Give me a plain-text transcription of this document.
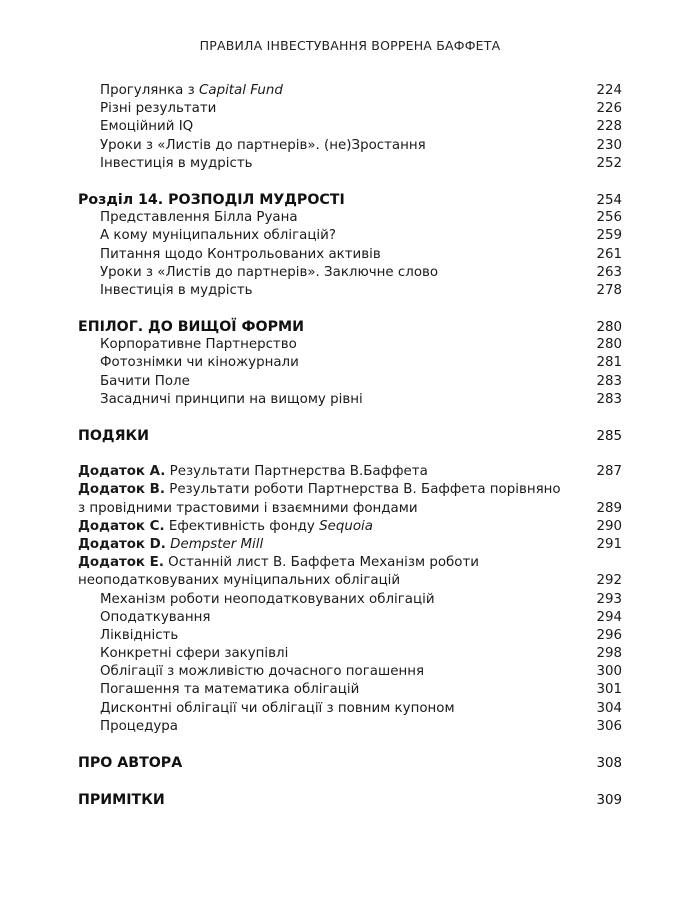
ПРАВИЛА ІНВЕСТУВАННЯ ВОРРЕНА БАФФЕТА
Прогулянка з Capital Fund	224
Різні результати	226
Емоційний IQ	228
Уроки з «Листів до партнерів». (не)Зростання	230
Інвестиція в мудрість	252
Розділ 14. РОЗПОДІЛ МУДРОСТІ	254
Представлення Білла Руана	256
А кому муніципальних облігацій?	259
Питання щодо Контрольованих активів	261
Уроки з «Листів до партнерів». Заключне слово	263
Інвестиція в мудрість	278
ЕПІЛОГ. ДО ВИЩОЇ ФОРМИ	280
Корпоративне Партнерство	280
Фотознімки чи кіножурнали	281
Бачити Поле	283
Засадничі принципи на вищому рівні	283
ПОДЯКИ	285
Додаток A. Результати Партнерства В.Баффета	287
Додаток B. Результати роботи Партнерства В. Баффета порівняно
з провідними трастовими і взаємними фондами	289
Додаток C. Ефективність фонду Sequoia	290
Додаток D. Dempster Mill	291
Додаток E. Останній лист В. Баффета Механізм роботи
неоподатковуваних муніципальних облігацій	292
Механізм роботи неоподатковуваних облігацій	293
Оподаткування	294
Ліквідність	296
Конкретні сфери закупівлі	298
Облігації з можливістю дочасного погашення	300
Погашення та математика облігацій	301
Дисконтні облігації чи облігації з повним купоном	304
Процедура	306
ПРО АВТОРА	308
ПРИМІТКИ	309
